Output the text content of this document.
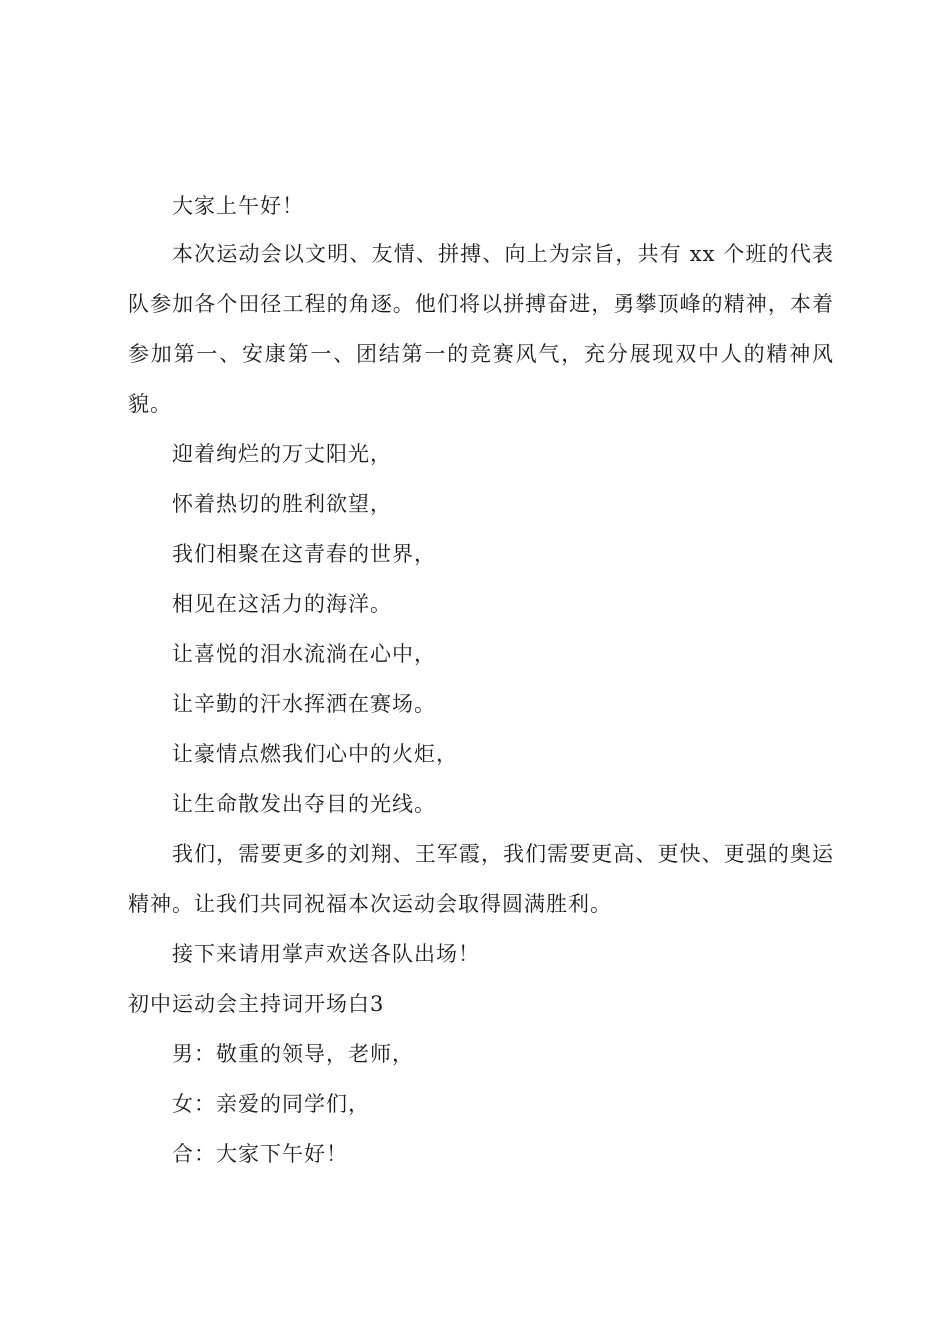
大家上午好！
本次运动会以文明、友情、拼搏、向上为宗旨，共有 xx 个班的代表队参加各个田径工程的角逐。他们将以拼搏奋进，勇攀顶峰的精神，本着参加第一、安康第一、团结第一的竞赛风气，充分展现双中人的精神风貌。
迎着绚烂的万丈阳光，
怀着热切的胜利欲望，
我们相聚在这青春的世界，
相见在这活力的海洋。
让喜悦的泪水流淌在心中，
让辛勤的汗水挥洒在赛场。
让豪情点燃我们心中的火炬，
让生命散发出夺目的光线。
我们，需要更多的刘翔、王军霞，我们需要更高、更快、更强的奥运精神。让我们共同祝福本次运动会取得圆满胜利。
接下来请用掌声欢送各队出场！
初中运动会主持词开场白3
男：敬重的领导，老师，
女：亲爱的同学们，
合：大家下午好！
